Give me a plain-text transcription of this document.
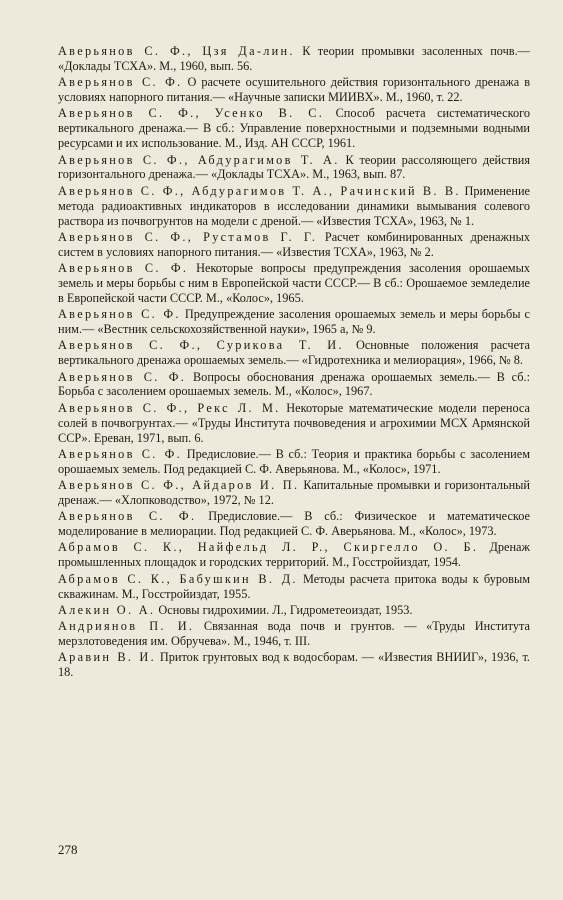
Аверьянов С. Ф., Цзя Да-лин. К теории промывки засоленных почв.— «Доклады ТСХА». М., 1960, вып. 56.

Аверьянов С. Ф. О расчете осушительного действия горизонтального дренажа в условиях напорного питания.— «Научные записки МИИВХ». М., 1960, т. 22.

Аверьянов С. Ф., Усенко В. С. Способ расчета систематического вертикального дренажа.— В сб.: Управление поверхностными и подземными водными ресурсами и их использование. М., Изд. АН СССР, 1961.

Аверьянов С. Ф., Абдурагимов Т. А. К теории рассоляющего действия горизонтального дренажа.— «Доклады ТСХА». М., 1963, вып. 87.

Аверьянов С. Ф., Абдурагимов Т. А., Рачинский В. В. Применение метода радиоактивных индикаторов в исследовании динамики вымывания солевого раствора из почвогрунтов на модели с дреной.— «Известия ТСХА», 1963, № 1.

Аверьянов С. Ф., Рустамов Г. Г. Расчет комбинированных дренажных систем в условиях напорного питания.— «Известия ТСХА», 1963, № 2.

Аверьянов С. Ф. Некоторые вопросы предупреждения засоления орошаемых земель и меры борьбы с ним в Европейской части СССР.— В сб.: Орошаемое земледелие в Европейской части СССР. М., «Колос», 1965.

Аверьянов С. Ф. Предупреждение засоления орошаемых земель и меры борьбы с ним.— «Вестник сельскохозяйственной науки», 1965 а, № 9.

Аверьянов С. Ф., Сурикова Т. И. Основные положения расчета вертикального дренажа орошаемых земель.— «Гидротехника и мелиорация», 1966, № 8.

Аверьянов С. Ф. Вопросы обоснования дренажа орошаемых земель.— В сб.: Борьба с засолением орошаемых земель. М., «Колос», 1967.

Аверьянов С. Ф., Рекс Л. М. Некоторые математические модели переноса солей в почвогрунтах.— «Труды Института почвоведения и агрохимии МСХ Армянской ССР». Ереван, 1971, вып. 6.

Аверьянов С. Ф. Предисловие.— В сб.: Теория и практика борьбы с засолением орошаемых земель. Под редакцией С. Ф. Аверьянова. М., «Колос», 1971.

Аверьянов С. Ф., Айдаров И. П. Капитальные промывки и горизонтальный дренаж.— «Хлопководство», 1972, № 12.

Аверьянов С. Ф. Предисловие.— В сб.: Физическое и математическое моделирование в мелиорации. Под редакцией С. Ф. Аверьянова. М., «Колос», 1973.

Абрамов С. К., Найфельд Л. Р., Скиргелло О. Б. Дренаж промышленных площадок и городских территорий. М., Госстройиздат, 1954.

Абрамов С. К., Бабушкин В. Д. Методы расчета притока воды к буровым скважинам. М., Госстройиздат, 1955.

Алекин О. А. Основы гидрохимии. Л., Гидрометеоиздат, 1953.

Андриянов П. И. Связанная вода почв и грунтов. — «Труды Института мерзлотоведения им. Обручева». М., 1946, т. III.

Аравин В. И. Приток грунтовых вод к водосборам. — «Известия ВНИИГ», 1936, т. 18.

278
